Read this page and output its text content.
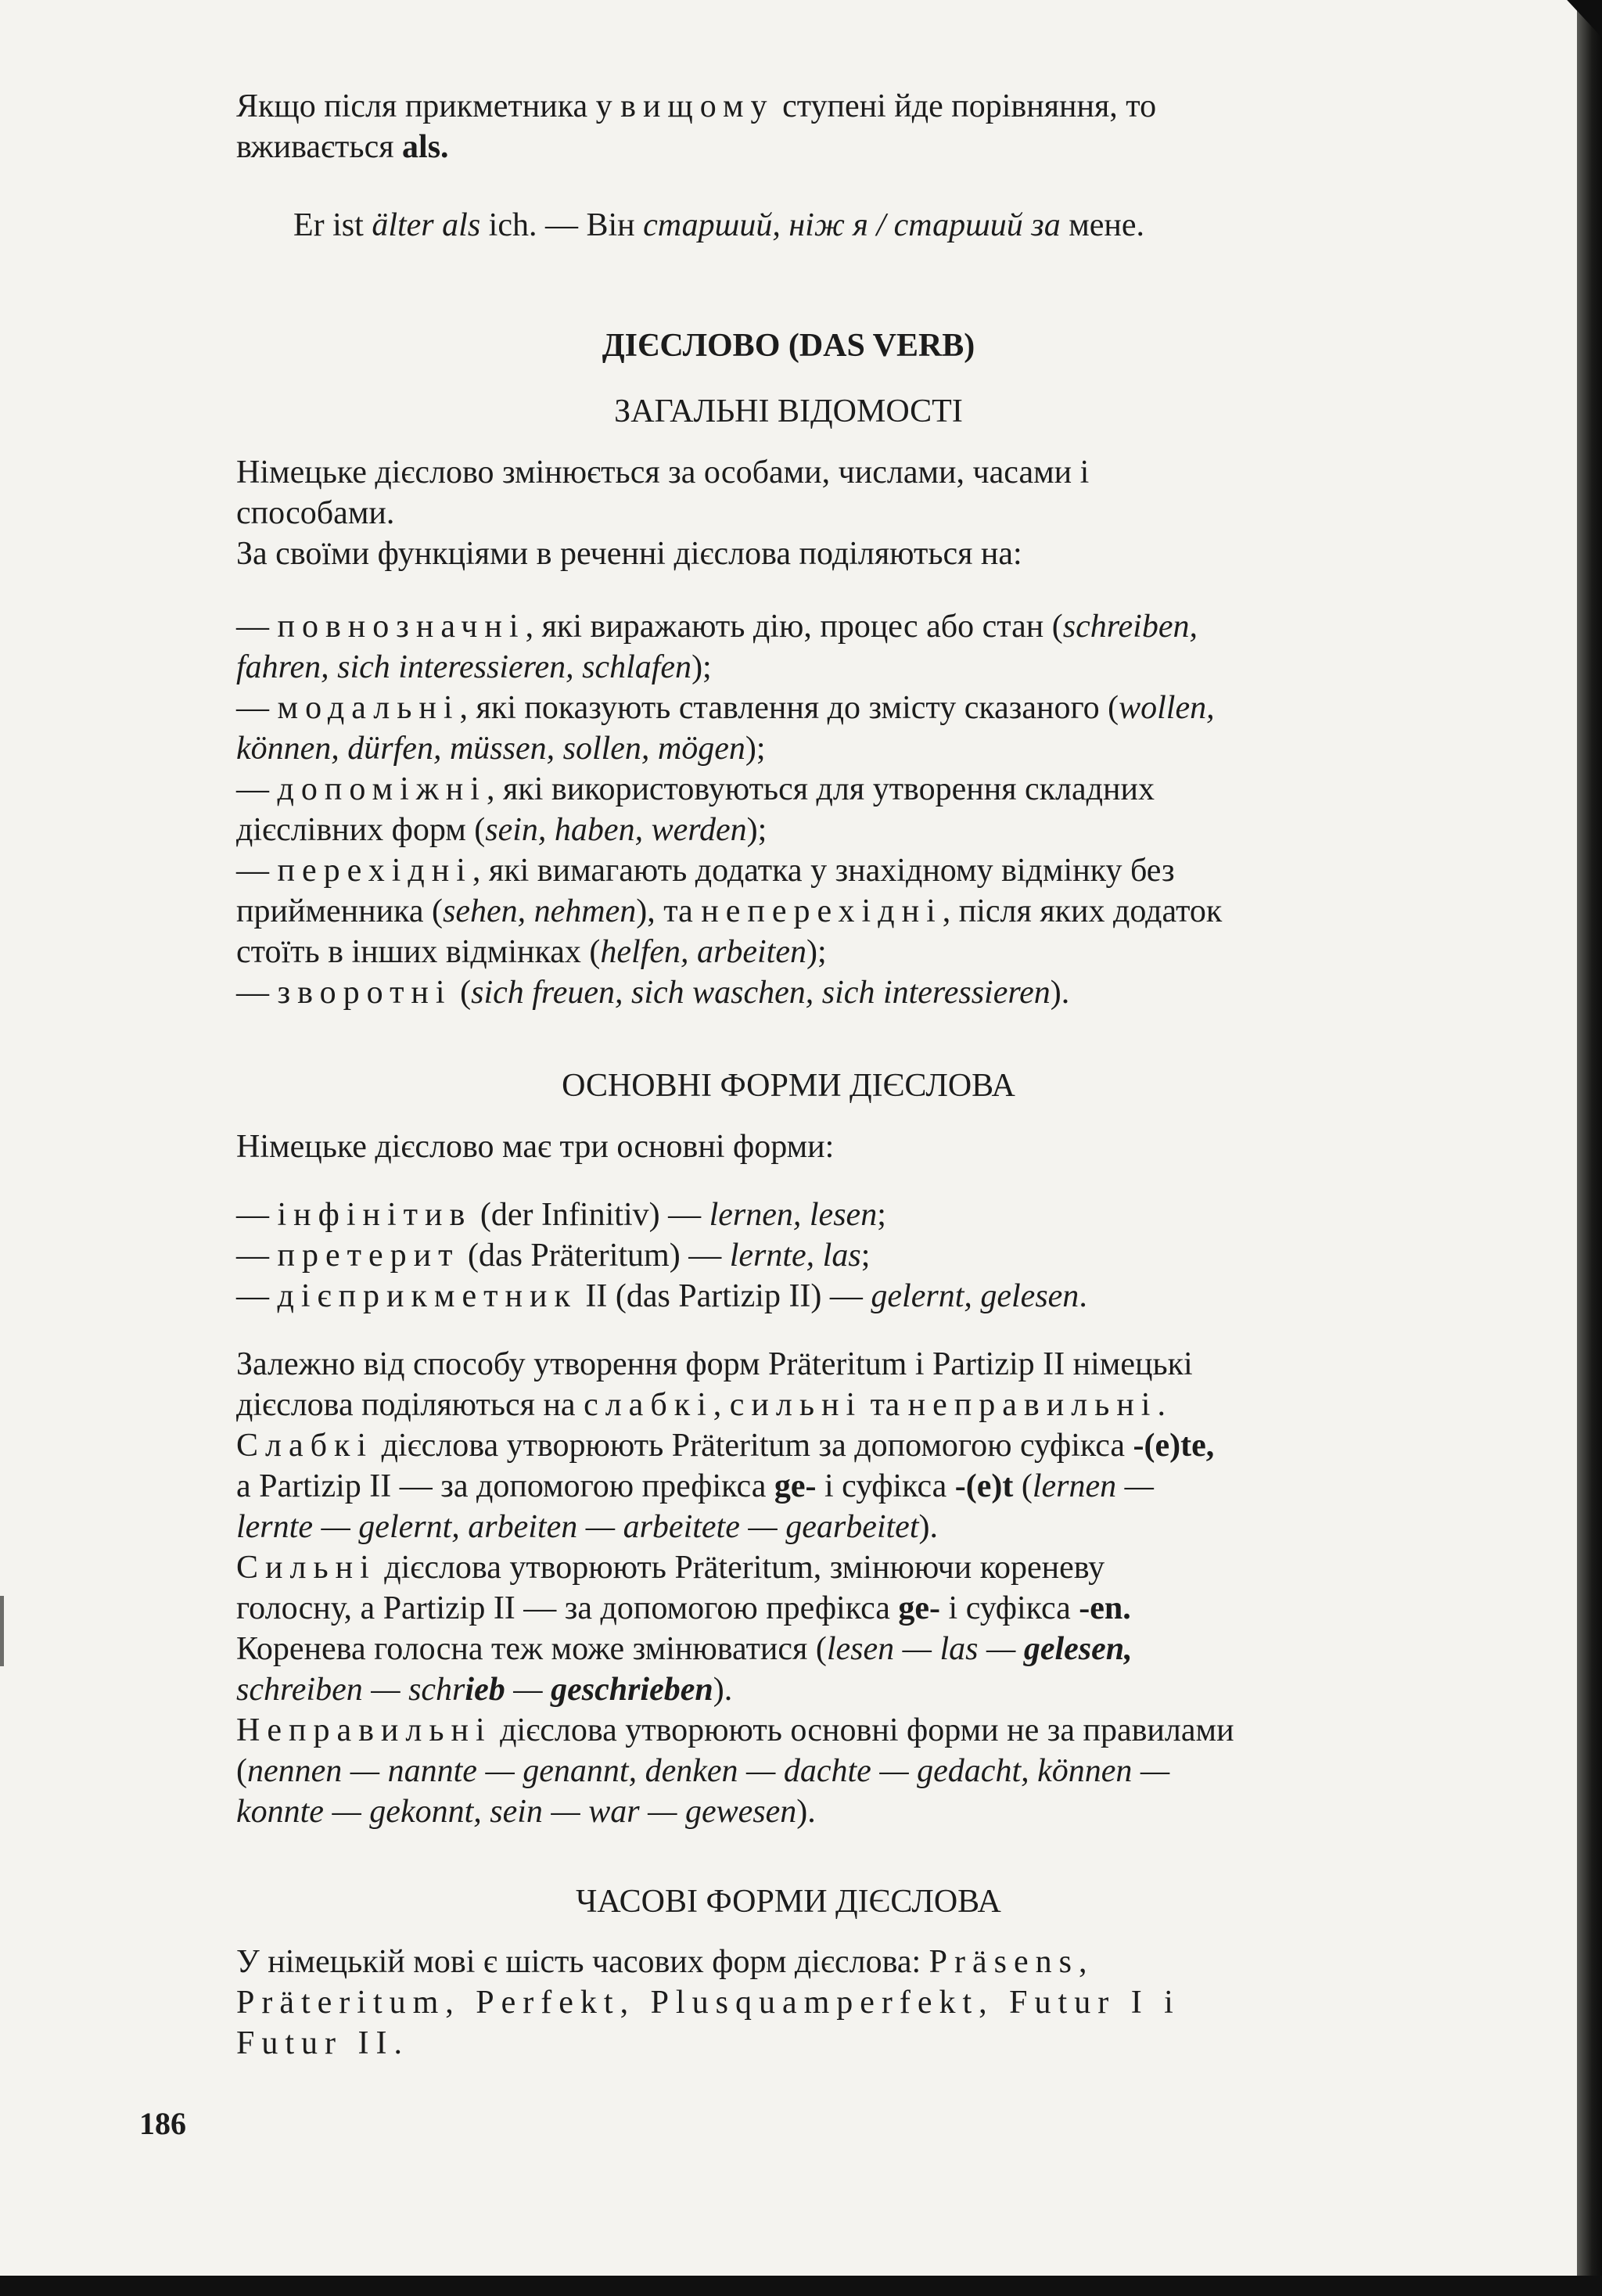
Якщо після прикметника у вищому ступені йде порівняння, то
вживається als.

Er ist älter als ich. — Він старший, ніж я / старший за мене.

ДІЄСЛОВО (DAS VERB)
ЗАГАЛЬНІ ВІДОМОСТІ

Німецьке дієслово змінюється за особами, числами, часами і
способами.
За своїми функціями в реченні дієслова поділяються на:

— повнозначні, які виражають дію, процес або стан (schreiben,
fahren, sich interessieren, schlafen);
— модальні, які показують ставлення до змісту сказаного (wollen,
können, dürfen, müssen, sollen, mögen);
— допоміжні, які використовуються для утворення складних
дієслівних форм (sein, haben, werden);
— перехідні, які вимагають додатка у знахідному відмінку без
прийменника (sehen, nehmen), та неперехідні, після яких додаток
стоїть в інших відмінках (helfen, arbeiten);
— зворотні (sich freuen, sich waschen, sich interessieren).
ОСНОВНІ ФОРМИ ДІЄСЛОВА

Німецьке дієслово має три основні форми:

— інфінітив (der Infinitiv) — lernen, lesen;
— претерит (das Präteritum) — lernte, las;
— дієприкметник II (das Partizip II) — gelernt, gelesen.
Залежно від способу утворення форм Präteritum і Partizip II німецькі
дієслова поділяються на слабкі, сильні та неправильні.
Слабкі дієслова утворюють Präteritum за допомогою суфікса -(e)te,
а Partizip II — за допомогою префікса ge- і суфікса -(e)t (lernen —
lernte — gelernt, arbeiten — arbeitete — gearbeitet).
Сильні дієслова утворюють Präteritum, змінюючи кореневу
голосну, а Partizip II — за допомогою префікса ge- і суфікса -en.
Коренева голосна теж може змінюватися (lesen — las — gelesen,
schreiben — schrieb — geschrieben).
Неправильні дієслова утворюють основні форми не за правилами
(nennen — nannte — genannt, denken — dachte — gedacht, können —
konnte — gekonnt, sein — war — gewesen).
ЧАСОВІ ФОРМИ ДІЄСЛОВА
У німецькій мові є шість часових форм дієслова: Präsens,
Präteritum, Perfekt, Plusquamperfekt, Futur I і
Futur II.
186
